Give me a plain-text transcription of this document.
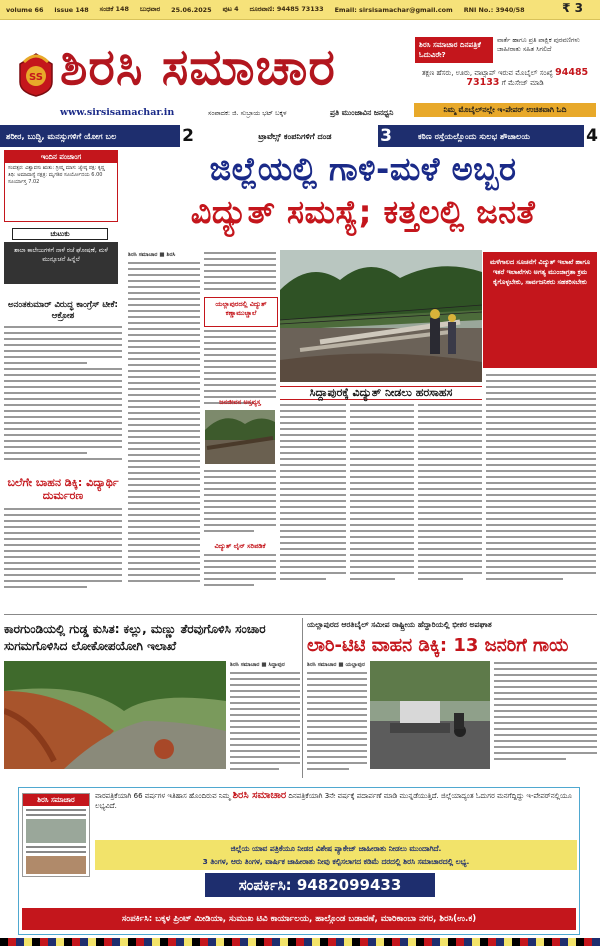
volume 66 issue 148 ಸಂಚಿಕೆ 148 ಬುಧವಾರ 25.06.2025 ಪುಟ 4 ದೂರವಾಣಿ: 94485 73133 Email: sirsisamachar@gmail.com RNI No.: 3940/58	₹ 3
SS ಶಿರಸಿ ಸಮಾಚಾರ
www.sirsisamachar.in	ಸಂಪಾದಕ: ಜಿ. ಸುಬ್ರಾಯ ಭಟ್ ಬಕ್ಕಳ	ಪ್ರತಿ ಮುಂಜಾವಿನ ಜನಧ್ವನಿ
ಶಿರಸಿ ಸಮಾಚಾರ ದಿನಪತ್ರಿಕೆ ಓದುವಿರೇ?
ವಾರ್ತೆ ಹಾಗೂ ಪ್ರತಿ ಪಾಕ್ಷಿಕ ಪುರವಣಿಗಳು ಜಾಹೀರಾತು ಸಹಿತ ಸಿಗಲಿದೆ
ತಕ್ಷಣ ಹೆಸರು, ಊರು, ವಾಟ್ಸಾಪ್ ಇರುವ ಮೊಬೈಲ್ ಸಂಖ್ಯೆ 94485 73133 ಗೆ ಮೆಸೇಜ್ ಮಾಡಿ
ನಿಮ್ಮ ಮೊಬೈಲ್‌ನಲ್ಲೇ ಇ-ಪೇಪರ್ ಉಚಿತವಾಗಿ ಓದಿ
ಶರೀರ, ಬುದ್ಧಿ, ಮನಸ್ಸುಗಳಿಗೆ ಯೋಗ ಬಲ	2	ಟ್ರಾವೆಲ್ಸ್ ಕಂಪನಿಗಳಿಗೆ ದಂಡ	3	ಕಠಿಣ ರಸ್ತೆಯಲ್ಲೊಂದು ಸುಲಭ ಶೌಚಾಲಯ	4
ಇಂದಿನ ಪಂಚಾಂಗ
ಸಂವತ್ಸರ: ವಿಶ್ವಾವಸು ಋತು: ಗ್ರೀಷ್ಮ ಮಾಸ: ಜ್ಯೇಷ್ಠ ಪಕ್ಷ: ಕೃಷ್ಣ ತಿಥಿ: ಅಮಾವಾಸ್ಯೆ ನಕ್ಷತ್ರ: ಮೃಗಶಿರ ಸೂರ್ಯೋದಯ 6.00 ಸೂರ್ಯಾಸ್ತ 7.02
ಚುಟುಕು
ಶಾಲಾ ಕಾಲೇಜುಗಳಿಗೆ ನಾಳೆ ರಜೆ ಘೋಷಣೆ, ಮಳೆ ಮುನ್ಸೂಚನೆ ಹಿನ್ನೆಲೆ
ಅನಂತಕುಮಾರ್ ವಿರುದ್ಧ ಕಾಂಗ್ರೆಸ್ ಟೀಕೆ: ಆಕ್ರೋಶ
ಬಲೆಗೇ ಬಾಹನ ಡಿಕ್ಕಿ: ವಿದ್ಯಾರ್ಥಿ ದುರ್ಮರಣ
ಜಿಲ್ಲೆಯಲ್ಲಿ ಗಾಳಿ-ಮಳೆ ಅಬ್ಬರ
ವಿದ್ಯುತ್ ಸಮಸ್ಯೆ; ಕತ್ತಲಲ್ಲಿ ಜನತೆ
ಶಿರಸಿ ಸಮಾಚಾರ ■ ಶಿರಸಿ
ಯಲ್ಲಾಪುರದಲ್ಲಿ ವಿದ್ಯುತ್ ಕಣ್ಣಾಮುಚ್ಚಾಲೆ
ಮಳೆಗಾಲದ ಸೂಚನೆಗೆ ವಿದ್ಯುತ್ ಇಲಾಖೆ ಹಾಗೂ ಇತರೆ ಇಲಾಖೆಗಳು ಅಗತ್ಯ ಮುಂಜಾಗ್ರತಾ ಕ್ರಮ ಕೈಗೊಳ್ಳಬೇಕು, ಸಾರ್ವಜನಿಕರು ಸಹಕರಿಸಬೇಕು
ಸಿದ್ದಾಪುರಕ್ಕೆ ವಿದ್ಯುತ್ ನೀಡಲು ಹರಸಾಹಸ
ಜನಜೀವನ ಅಸ್ತವ್ಯಸ್ತ
ವಿದ್ಯುತ್ ಲೈನ್ ಸರಿಪಡಿಕೆ
ಕಾರಗುಂಡಿಯಲ್ಲಿ ಗುಡ್ಡ ಕುಸಿತ: ಕಲ್ಲು, ಮಣ್ಣು ತೆರವುಗೊಳಿಸಿ ಸಂಚಾರ ಸುಗಮಗೊಳಿಸಿದ ಲೋಕೋಪಯೋಗಿ ಇಲಾಖೆ
ಯಲ್ಲಾಪುರದ ಆರತಿಬೈಲ್ ಸಮೀಪ ರಾಷ್ಟ್ರೀಯ ಹೆದ್ದಾರಿಯಲ್ಲಿ ಭೀಕರ ಅಪಘಾತ
ಲಾರಿ-ಟಿಟಿ ವಾಹನ ಡಿಕ್ಕಿ: 13 ಜನರಿಗೆ ಗಾಯ
ಶಿರಸಿ ಸಮಾಚಾರ ■ ಸಿದ್ದಾಪುರ	ಶಿರಸಿ ಸಮಾಚಾರ ■ ಯಲ್ಲಾಪುರ
ಶಿರಸಿ ಸಮಾಚಾರ	ವಾರಪತ್ರಿಕೆಯಾಗಿ 66 ವರ್ಷಗಳ ಇತಿಹಾಸ ಹೊಂದಿರುವ ನಿಮ್ಮ ಶಿರಸಿ ಸಮಾಚಾರ ದಿನಪತ್ರಿಕೆಯಾಗಿ 3ನೇ ವರ್ಷಕ್ಕೆ ಪದಾರ್ಪಣೆ ಮಾಡಿ ಮುನ್ನಡೆಯುತ್ತಿದೆ. ಜಿಲ್ಲೆಯಾದ್ಯಂತ ಓದುಗರ ಮನಗೆದ್ದಿದ್ದು ಇ-ಪೇಪರ್‌ನಲ್ಲಿಯೂ ಲಭ್ಯವಿದೆ.
ಜಿಲ್ಲೆಯ ಯಾವ ಪತ್ರಿಕೆಯೂ ನೀಡದ ವಿಶೇಷ ಪ್ಯಾಕೇಜ್ ಜಾಹೀರಾತು ನೀಡಲು ಮುಂದಾಗಿದೆ.
3 ತಿಂಗಳ, ಆರು ತಿಂಗಳ, ವಾರ್ಷಿಕ ಜಾಹೀರಾತು ನೀವು ಕಲ್ಪಿಸಲಾಗದ ಕಡಿಮೆ ದರದಲ್ಲಿ ಶಿರಸಿ ಸಮಾಚಾರದಲ್ಲಿ ಲಭ್ಯ.
ಸಂಪರ್ಕಿಸಿ: 9482099433
ಸಂಪರ್ಕಿಸಿ: ಬಕ್ಕಳ ಪ್ರಿಂಟ್ ಮೀಡಿಯಾ, ಸುಮುಖ ಟಿವಿ ಕಾರ್ಯಾಲಯ, ಹಾಲ್ಗೊಂಡ ಬಡಾವಣೆ, ಮಾರಿಕಾಂಬಾ ನಗರ, ಶಿರಸಿ(ಉ.ಕ)
